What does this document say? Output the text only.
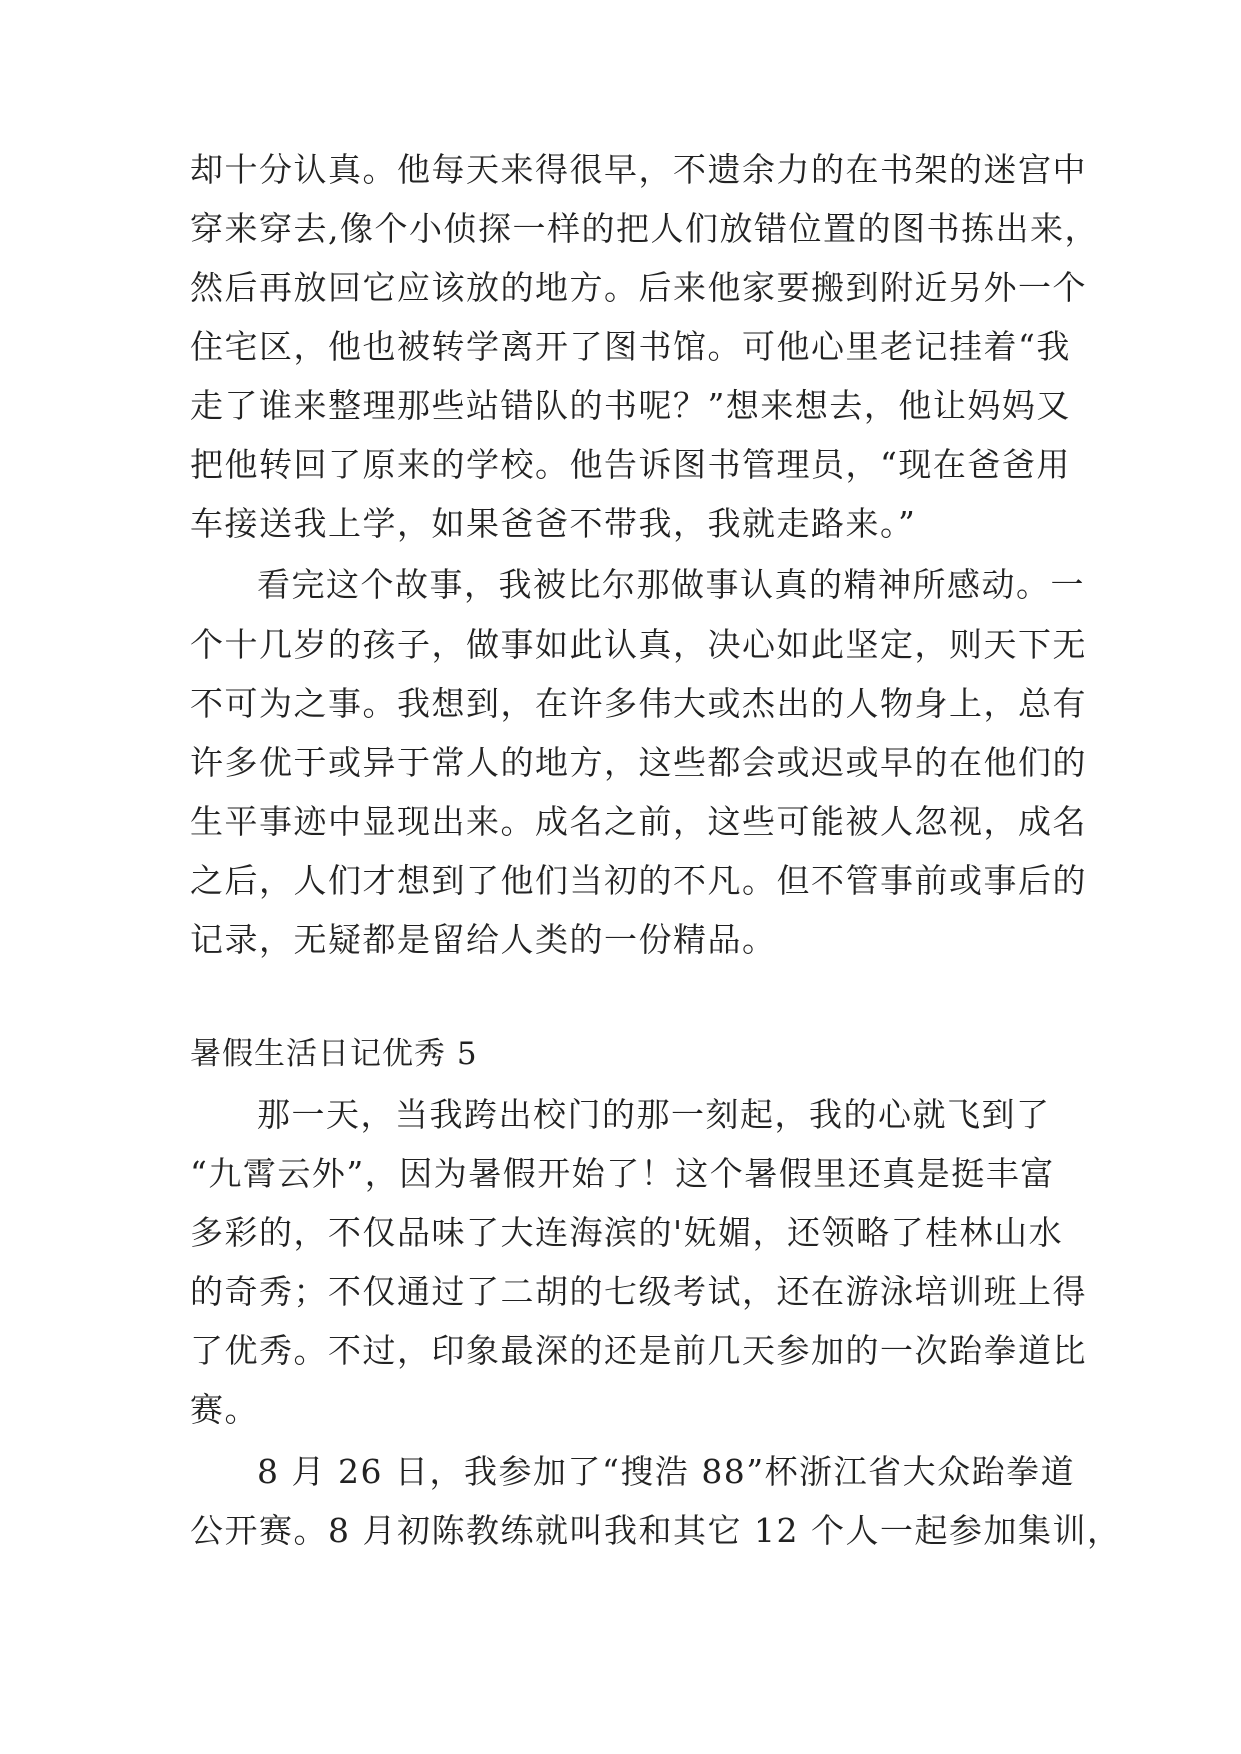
却十分认真。他每天来得很早，不遗余力的在书架的迷宫中
穿来穿去,像个小侦探一样的把人们放错位置的图书拣出来，
然后再放回它应该放的地方。后来他家要搬到附近另外一个
住宅区，他也被转学离开了图书馆。可他心里老记挂着“我
走了谁来整理那些站错队的书呢？”想来想去，他让妈妈又
把他转回了原来的学校。他告诉图书管理员，“现在爸爸用
车接送我上学，如果爸爸不带我，我就走路来。”
看完这个故事，我被比尔那做事认真的精神所感动。一
个十几岁的孩子，做事如此认真，决心如此坚定，则天下无
不可为之事。我想到，在许多伟大或杰出的人物身上，总有
许多优于或异于常人的地方，这些都会或迟或早的在他们的
生平事迹中显现出来。成名之前，这些可能被人忽视，成名
之后，人们才想到了他们当初的不凡。但不管事前或事后的
记录，无疑都是留给人类的一份精品。
暑假生活日记优秀 5
那一天，当我跨出校门的那一刻起，我的心就飞到了
“九霄云外”，因为暑假开始了！这个暑假里还真是挺丰富
多彩的，不仅品味了大连海滨的'妩媚，还领略了桂林山水
的奇秀；不仅通过了二胡的七级考试，还在游泳培训班上得
了优秀。不过，印象最深的还是前几天参加的一次跆拳道比
赛。
8 月 26 日，我参加了“搜浩 88”杯浙江省大众跆拳道
公开赛。8 月初陈教练就叫我和其它 12 个人一起参加集训，
